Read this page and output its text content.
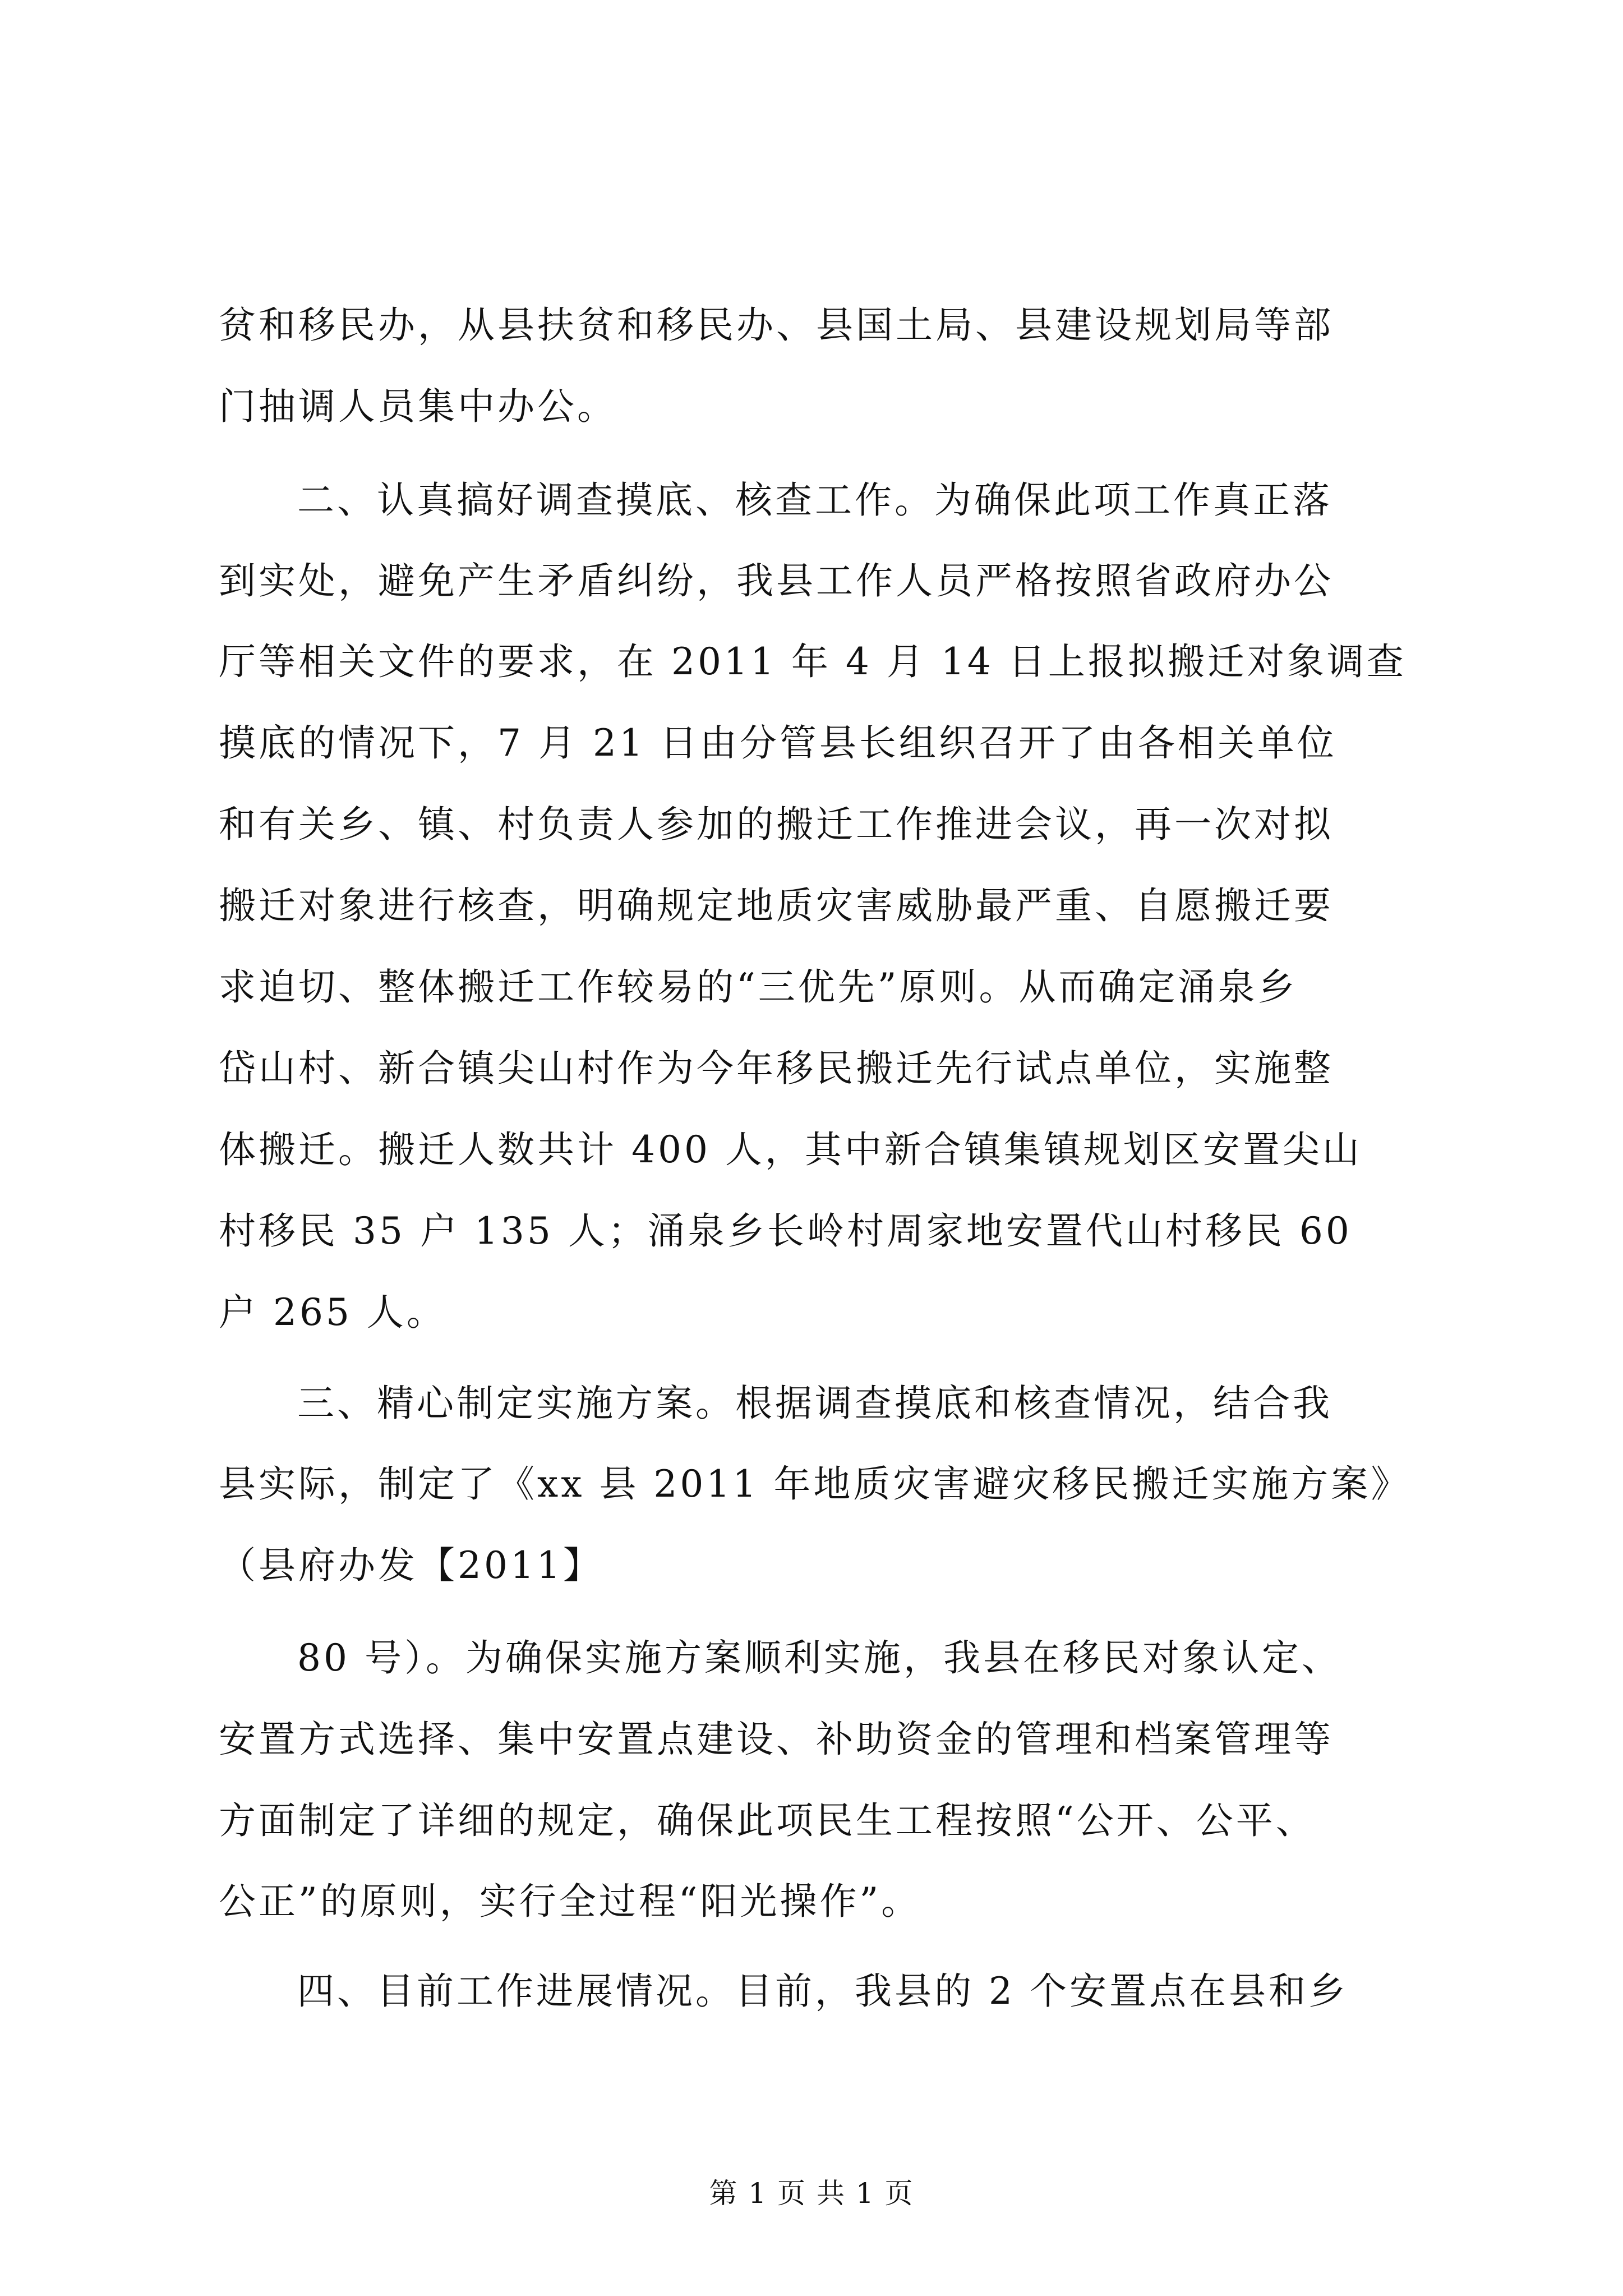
贫和移民办，从县扶贫和移民办、县国土局、县建设规划局等部
门抽调人员集中办公。
二、认真搞好调查摸底、核查工作。为确保此项工作真正落
到实处，避免产生矛盾纠纷，我县工作人员严格按照省政府办公
厅等相关文件的要求，在 2011 年 4 月 14 日上报拟搬迁对象调查
摸底的情况下，7 月 21 日由分管县长组织召开了由各相关单位
和有关乡、镇、村负责人参加的搬迁工作推进会议，再一次对拟
搬迁对象进行核查，明确规定地质灾害威胁最严重、自愿搬迁要
求迫切、整体搬迁工作较易的“三优先”原则。从而确定涌泉乡
岱山村、新合镇尖山村作为今年移民搬迁先行试点单位，实施整
体搬迁。搬迁人数共计 400 人，其中新合镇集镇规划区安置尖山
村移民 35 户 135 人；涌泉乡长岭村周家地安置代山村移民 60
户 265 人。
三、精心制定实施方案。根据调查摸底和核查情况，结合我
县实际，制定了《xx 县 2011 年地质灾害避灾移民搬迁实施方案》
（县府办发【2011】
80 号）。为确保实施方案顺利实施，我县在移民对象认定、
安置方式选择、集中安置点建设、补助资金的管理和档案管理等
方面制定了详细的规定，确保此项民生工程按照“公开、公平、
公正”的原则，实行全过程“阳光操作”。
四、目前工作进展情况。目前，我县的 2 个安置点在县和乡
第 1 页 共 1 页
